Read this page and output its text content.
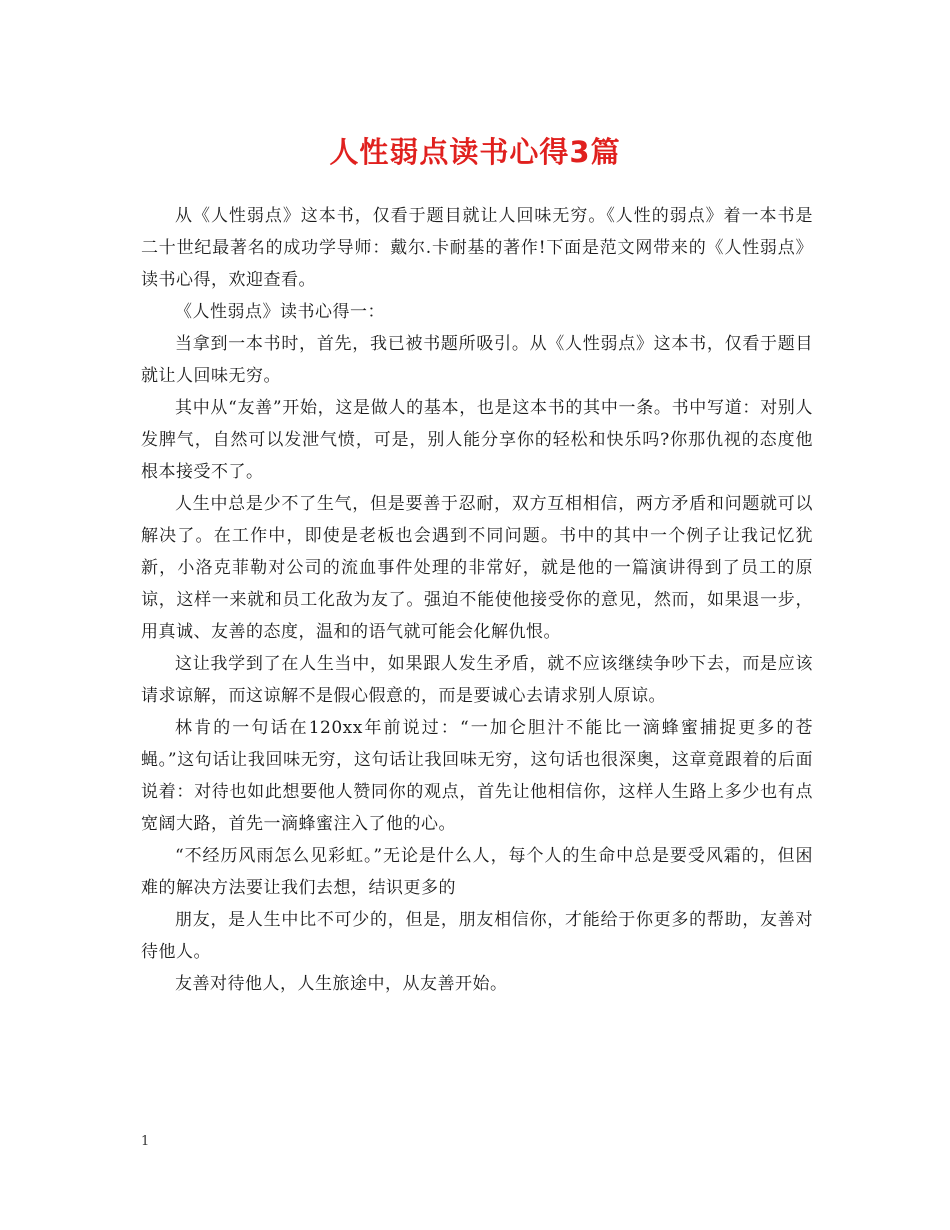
人性弱点读书心得3篇

从《人性弱点》这本书，仅看于题目就让人回味无穷。《人性的弱点》着一本书是二十世纪最著名的成功学导师：戴尔.卡耐基的著作!下面是范文网带来的《人性弱点》读书心得，欢迎查看。

《人性弱点》读书心得一：

当拿到一本书时，首先，我已被书题所吸引。从《人性弱点》这本书，仅看于题目就让人回味无穷。

其中从“友善”开始，这是做人的基本，也是这本书的其中一条。书中写道：对别人发脾气，自然可以发泄气愤，可是，别人能分享你的轻松和快乐吗?你那仇视的态度他根本接受不了。

人生中总是少不了生气，但是要善于忍耐，双方互相相信，两方矛盾和问题就可以解决了。在工作中，即使是老板也会遇到不同问题。书中的其中一个例子让我记忆犹新，小洛克菲勒对公司的流血事件处理的非常好，就是他的一篇演讲得到了员工的原谅，这样一来就和员工化敌为友了。强迫不能使他接受你的意见，然而，如果退一步，用真诚、友善的态度，温和的语气就可能会化解仇恨。

这让我学到了在人生当中，如果跟人发生矛盾，就不应该继续争吵下去，而是应该请求谅解，而这谅解不是假心假意的，而是要诚心去请求别人原谅。

林肯的一句话在120xx年前说过：“一加仑胆汁不能比一滴蜂蜜捕捉更多的苍蝇。”这句话让我回味无穷，这句话让我回味无穷，这句话也很深奥，这章竟跟着的后面说着：对待也如此想要他人赞同你的观点，首先让他相信你，这样人生路上多少也有点宽阔大路，首先一滴蜂蜜注入了他的心。

“不经历风雨怎么见彩虹。”无论是什么人，每个人的生命中总是要受风霜的，但困难的解决方法要让我们去想，结识更多的

朋友，是人生中比不可少的，但是，朋友相信你，才能给于你更多的帮助，友善对待他人。

友善对待他人，人生旅途中，从友善开始。

1
